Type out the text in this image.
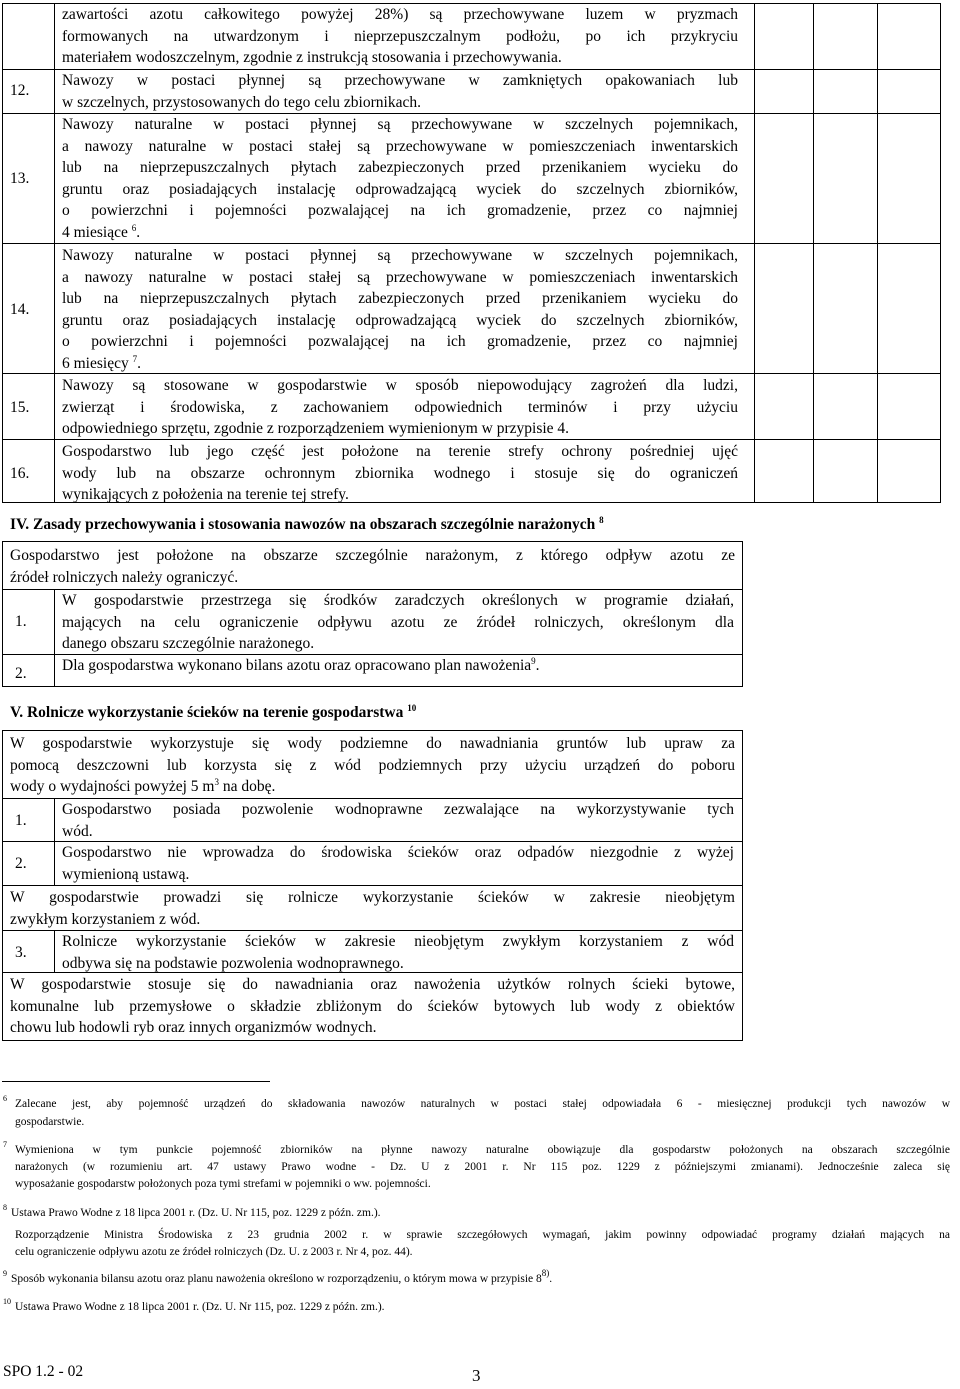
zawartości azotu całkowitego powyżej 28%) są przechowywane luzem w pryzmach
formowanych na utwardzonym i nieprzepuszczalnym podłożu, po ich przykryciu
materiałem wodoszczelnym, zgodnie z instrukcją stosowania i przechowywania.
12.
Nawozy w postaci płynnej są przechowywane w zamkniętych opakowaniach lub
w szczelnych, przystosowanych do tego celu zbiornikach.
13.
Nawozy naturalne w postaci płynnej są przechowywane w szczelnych pojemnikach,
a nawozy naturalne w postaci stałej są przechowywane w pomieszczeniach inwentarskich
lub na nieprzepuszczalnych płytach zabezpieczonych przed przenikaniem wycieku do
gruntu oraz posiadających instalację odprowadzającą wyciek do szczelnych zbiorników,
o powierzchni i pojemności pozwalającej na ich gromadzenie, przez co najmniej
4 miesiące $^6$.
14.
Nawozy naturalne w postaci płynnej są przechowywane w szczelnych pojemnikach,
a nawozy naturalne w postaci stałej są przechowywane w pomieszczeniach inwentarskich
lub na nieprzepuszczalnych płytach zabezpieczonych przed przenikaniem wycieku do
gruntu oraz posiadających instalację odprowadzającą wyciek do szczelnych zbiorników,
o powierzchni i pojemności pozwalającej na ich gromadzenie, przez co najmniej
6 miesięcy $^7$.
15.
Nawozy są stosowane w gospodarstwie w sposób niepowodujący zagrożeń dla ludzi,
zwierząt i środowiska, z zachowaniem odpowiednich terminów i przy użyciu
odpowiedniego sprzętu, zgodnie z rozporządzeniem wymienionym w przypisie 4.
16.
Gospodarstwo lub jego część jest położone na terenie strefy ochrony pośredniej ujęć
wody lub na obszarze ochronnym zbiornika wodnego i stosuje się do ograniczeń
wynikających z położenia na terenie tej strefy.
IV. Zasady przechowywania i stosowania nawozów na obszarach szczególnie narażonych $^8$
Gospodarstwo jest położone na obszarze szczególnie narażonym, z którego odpływ azotu ze
źródeł rolniczych należy ograniczyć.
1.
W gospodarstwie przestrzega się środków zaradczych określonych w programie działań,
mających na celu ograniczenie odpływu azotu ze źródeł rolniczych, określonym dla
danego obszaru szczególnie narażonego.
2. Dla gospodarstwa wykonano bilans azotu oraz opracowano plan nawożenia$^9$.
V. Rolnicze wykorzystanie ścieków na terenie gospodarstwa $^{10}$
W gospodarstwie wykorzystuje się wody podziemne do nawadniania gruntów lub upraw za
pomocą deszczowni lub korzysta się z wód podziemnych przy użyciu urządzeń do poboru
wody o wydajności powyżej 5 $m^3$ na dobę.
1.
Gospodarstwo posiada pozwolenie wodnoprawne zezwalające na wykorzystywanie tych
wód.
2.
Gospodarstwo nie wprowadza do środowiska ścieków oraz odpadów niezgodnie z wyżej
wymienioną ustawą.
W gospodarstwie prowadzi się rolnicze wykorzystanie ścieków w zakresie nieobjętym
zwykłym korzystaniem z wód.
3.
Rolnicze wykorzystanie ścieków w zakresie nieobjętym zwykłym korzystaniem z wód
odbywa się na podstawie pozwolenia wodnoprawnego.
W gospodarstwie stosuje się do nawadniania oraz nawożenia użytków rolnych ścieki bytowe,
komunalne lub przemysłowe o składzie zbliżonym do ścieków bytowych lub wody z obiektów
chowu lub hodowli ryb oraz innych organizmów wodnych.
6 Zalecane jest, aby pojemność urządzeń do składowania nawozów naturalnych w postaci stałej odpowiadała 6 - miesięcznej produkcji tych nawozów w
gospodarstwie.
7 Wymieniona w tym punkcie pojemność zbiorników na płynne nawozy naturalne obowiązuje dla gospodarstw położonych na obszarach szczególnie
narażonych (w rozumieniu art. 47 ustawy Prawo wodne - Dz. U z 2001 r. Nr 115 poz. 1229 z późniejszymi zmianami). Jednocześnie zaleca się
wyposażanie gospodarstw położonych poza tymi strefami w pojemniki o ww. pojemności.
8 Ustawa Prawo Wodne z 18 lipca 2001 r. (Dz. U. Nr 115, poz. 1229 z późn. zm.).
Rozporządzenie Ministra Środowiska z 23 grudnia 2002 r. w sprawie szczegółowych wymagań, jakim powinny odpowiadać programy działań mających na
celu ograniczenie odpływu azotu ze źródeł rolniczych (Dz. U. z 2003 r. Nr 4, poz. 44).
9 Sposób wykonania bilansu azotu oraz planu nawożenia określono w rozporządzeniu, o którym mowa w przypisie 8$^{8)}$.
10 Ustawa Prawo Wodne z 18 lipca 2001 r. (Dz. U. Nr 115, poz. 1229 z późn. zm.).
SPO 1.2 - 02	3
